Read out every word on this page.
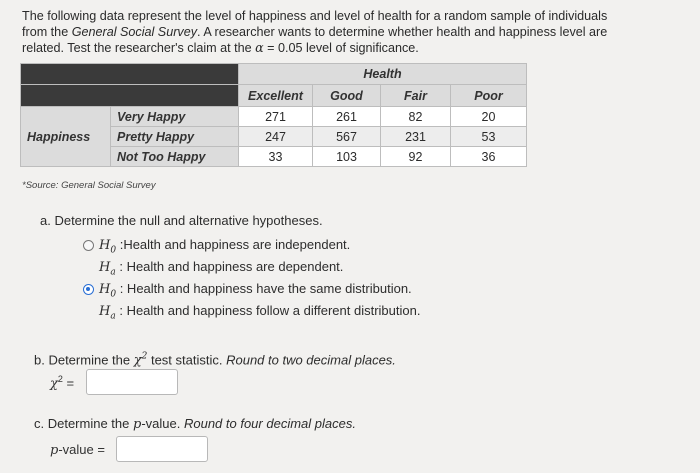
The following data represent the level of happiness and level of health for a random sample of individuals
from the General Social Survey. A researcher wants to determine whether health and happiness level are
related. Test the researcher's claim at the α = 0.05 level of significance.
		Health			
		Excellent	Good	Fair	Poor
Happiness	Very Happy	271	261	82	20
	Pretty Happy	247	567	231	53
	Not Too Happy	33	103	92	36
*Source: General Social Survey
a. Determine the null and alternative hypotheses.
$H_0$ :Health and happiness are independent.
$H_a$ : Health and happiness are dependent.
$H_0$ : Health and happiness have the same distribution.
$H_a$ : Health and happiness follow a different distribution.
b. Determine the $\chi^2$ test statistic. Round to two decimal places.
$\chi^2$ =
c. Determine the p-value. Round to four decimal places.
p-value =
